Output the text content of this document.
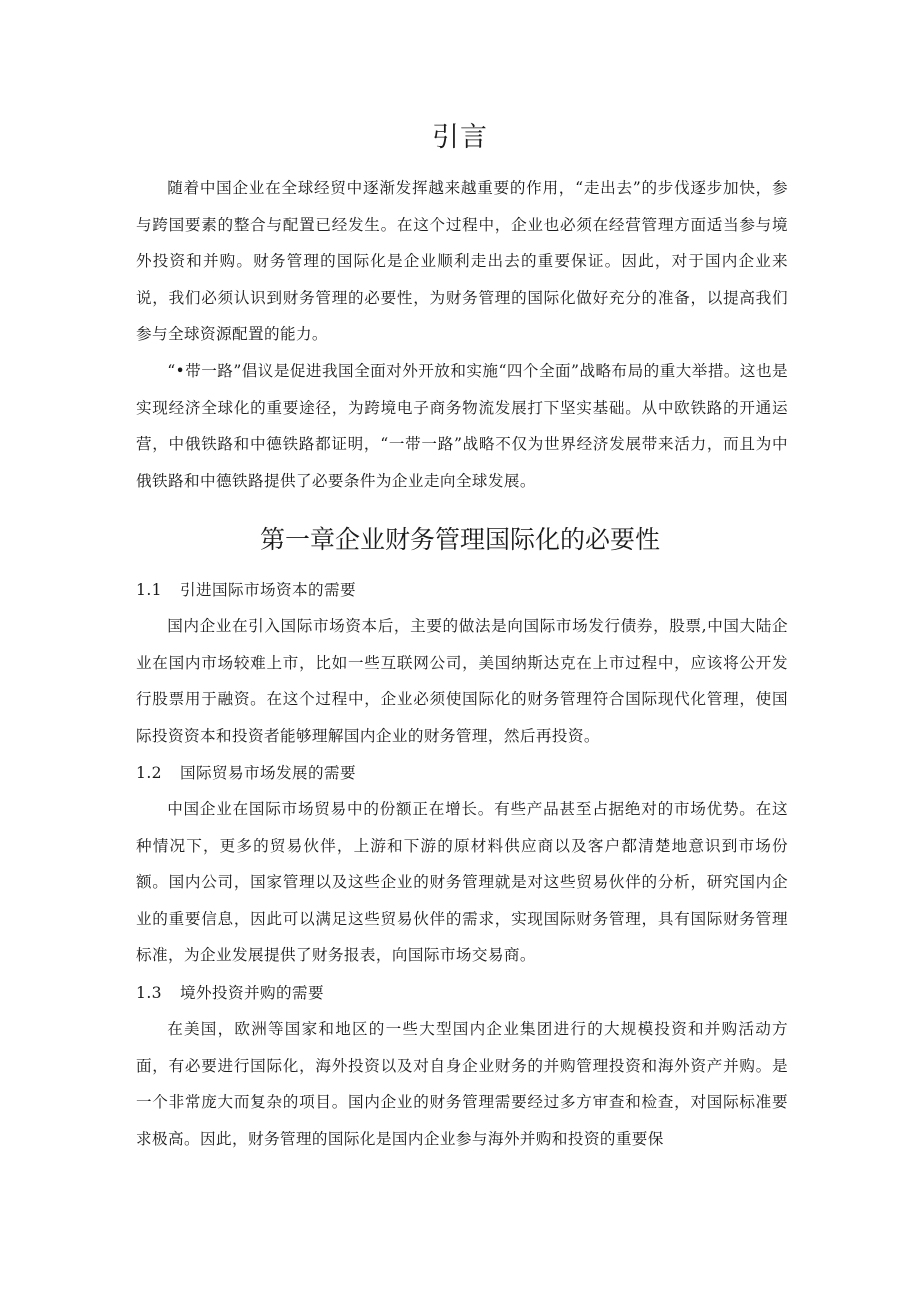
引言

随着中国企业在全球经贸中逐渐发挥越来越重要的作用，“走出去”的步伐逐步加快，参与跨国要素的整合与配置已经发生。在这个过程中，企业也必须在经营管理方面适当参与境外投资和并购。财务管理的国际化是企业顺利走出去的重要保证。因此，对于国内企业来说，我们必须认识到财务管理的必要性，为财务管理的国际化做好充分的准备，以提高我们参与全球资源配置的能力。

“•带一路”倡议是促进我国全面对外开放和实施“四个全面”战略布局的重大举措。这也是实现经济全球化的重要途径，为跨境电子商务物流发展打下坚实基础。从中欧铁路的开通运营，中俄铁路和中德铁路都证明，“一带一路”战略不仅为世界经济发展带来活力，而且为中俄铁路和中德铁路提供了必要条件为企业走向全球发展。

第一章企业财务管理国际化的必要性
1.1 引进国际市场资本的需要

国内企业在引入国际市场资本后，主要的做法是向国际市场发行债券，股票,中国大陆企业在国内市场较难上市，比如一些互联网公司，美国纳斯达克在上市过程中，应该将公开发行股票用于融资。在这个过程中，企业必须使国际化的财务管理符合国际现代化管理，使国际投资资本和投资者能够理解国内企业的财务管理，然后再投资。

1.2 国际贸易市场发展的需要

中国企业在国际市场贸易中的份额正在增长。有些产品甚至占据绝对的市场优势。在这种情况下，更多的贸易伙伴，上游和下游的原材料供应商以及客户都清楚地意识到市场份额。国内公司，国家管理以及这些企业的财务管理就是对这些贸易伙伴的分析，研究国内企业的重要信息，因此可以满足这些贸易伙伴的需求，实现国际财务管理，具有国际财务管理标准，为企业发展提供了财务报表，向国际市场交易商。

1.3 境外投资并购的需要

在美国，欧洲等国家和地区的一些大型国内企业集团进行的大规模投资和并购活动方面，有必要进行国际化，海外投资以及对自身企业财务的并购管理投资和海外资产并购。是一个非常庞大而复杂的项目。国内企业的财务管理需要经过多方审查和检查，对国际标准要求极高。因此，财务管理的国际化是国内企业参与海外并购和投资的重要保
